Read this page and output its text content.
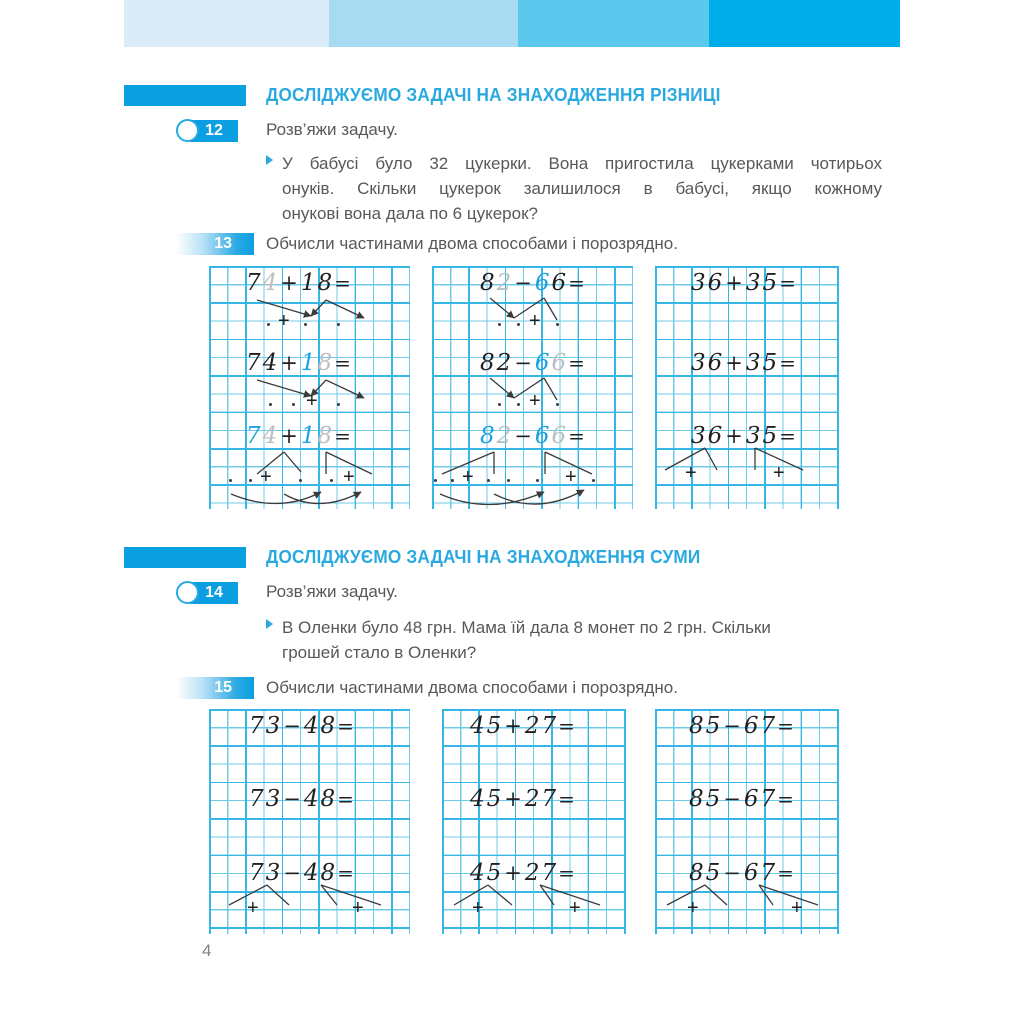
ДОСЛІДЖУЄМО ЗАДАЧІ НА ЗНАХОДЖЕННЯ РІЗНИЦІ
12	Розв’яжи задачу.
У бабусі було 32 цукерки. Вона пригостила цукерками чотирьох
онуків. Скільки цукерок залишилося в бабусі, якщо кожному
онукові вона дала по 6 цукерок?
13 Обчисли частинами двома способами і порозрядно.
74+18=
+
74+18=
+
74+18=
+	+
82−66=
+
82−66=
+
82−66=
+	+
36+35=
36+35=
36+35=
+	+
ДОСЛІДЖУЄМО ЗАДАЧІ НА ЗНАХОДЖЕННЯ СУМИ
14	Розв’яжи задачу.
В Оленки було 48 грн. Мама їй дала 8 монет по 2 грн. Скільки
грошей стало в Оленки?
15 Обчисли частинами двома способами і порозрядно.
73−48=
73−48=
73−48=
+	+
45+27=
45+27=
45+27=
+	+
85−67=
85−67=
85−67=
+	+
4
